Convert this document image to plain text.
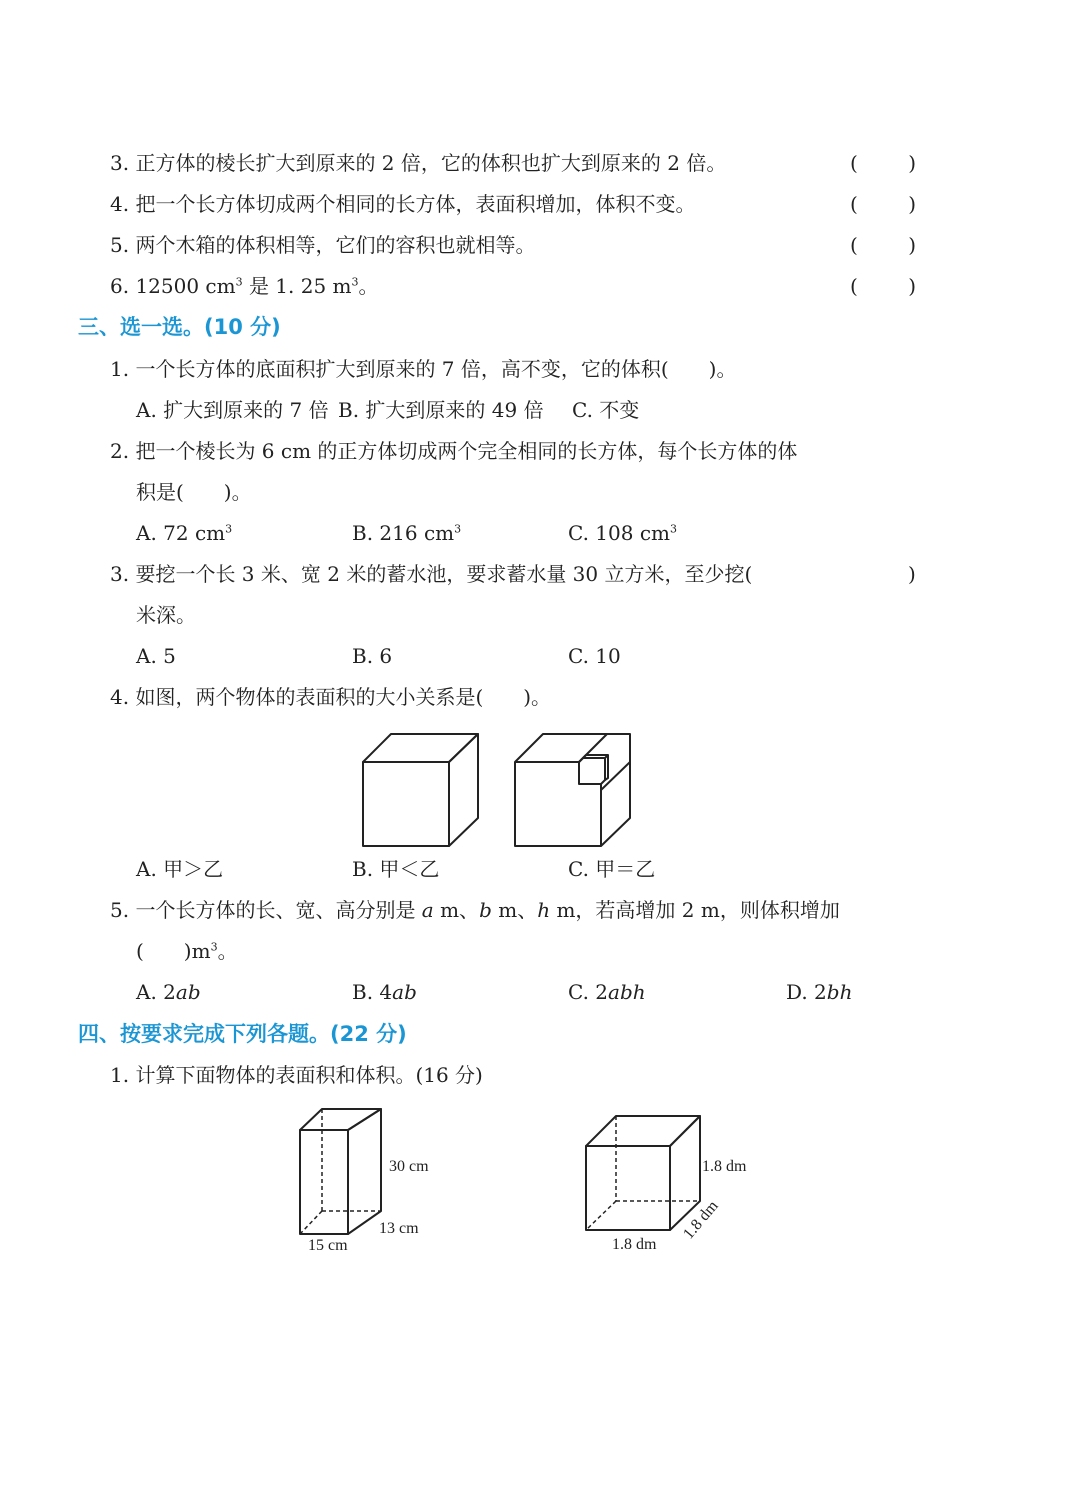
3. 正方体的棱长扩大到原来的 2 倍，它的体积也扩大到原来的 2 倍。	(	)
4. 把一个长方体切成两个相同的长方体，表面积增加，体积不变。	(	)
5. 两个木箱的体积相等，它们的容积也就相等。	(	)
6. 12500 $cm^3$ 是 1. 25 $m^3$。	(	)
三、选一选。(10 分)
1. 一个长方体的底面积扩大到原来的 7 倍，高不变，它的体积(　　)。
A. 扩大到原来的 7 倍 B. 扩大到原来的 49 倍 C. 不变
2. 把一个棱长为 6 cm 的正方体切成两个完全相同的长方体，每个长方体的体
积是(　　)。
A. 72 $cm^3$	B. 216 $cm^3$	C. 108 $cm^3$
3. 要挖一个长 3 米、宽 2 米的蓄水池，要求蓄水量 30 立方米，至少挖(	)
米深。
A. 5	B. 6	C. 10
4. 如图，两个物体的表面积的大小关系是(　　)。
A. 甲＞乙	B. 甲＜乙	C. 甲＝乙
5. 一个长方体的长、宽、高分别是 a m、b m、h m，若高增加 2 m，则体积增加
(　　)$m^3$。
A. 2ab	B. 4ab	C. 2abh	D. 2bh
四、按要求完成下列各题。(22 分)
1. 计算下面物体的表面积和体积。(16 分)
30 cm
13 cm
15 cm
1.8 dm
1.8 dm
1.8 dm
